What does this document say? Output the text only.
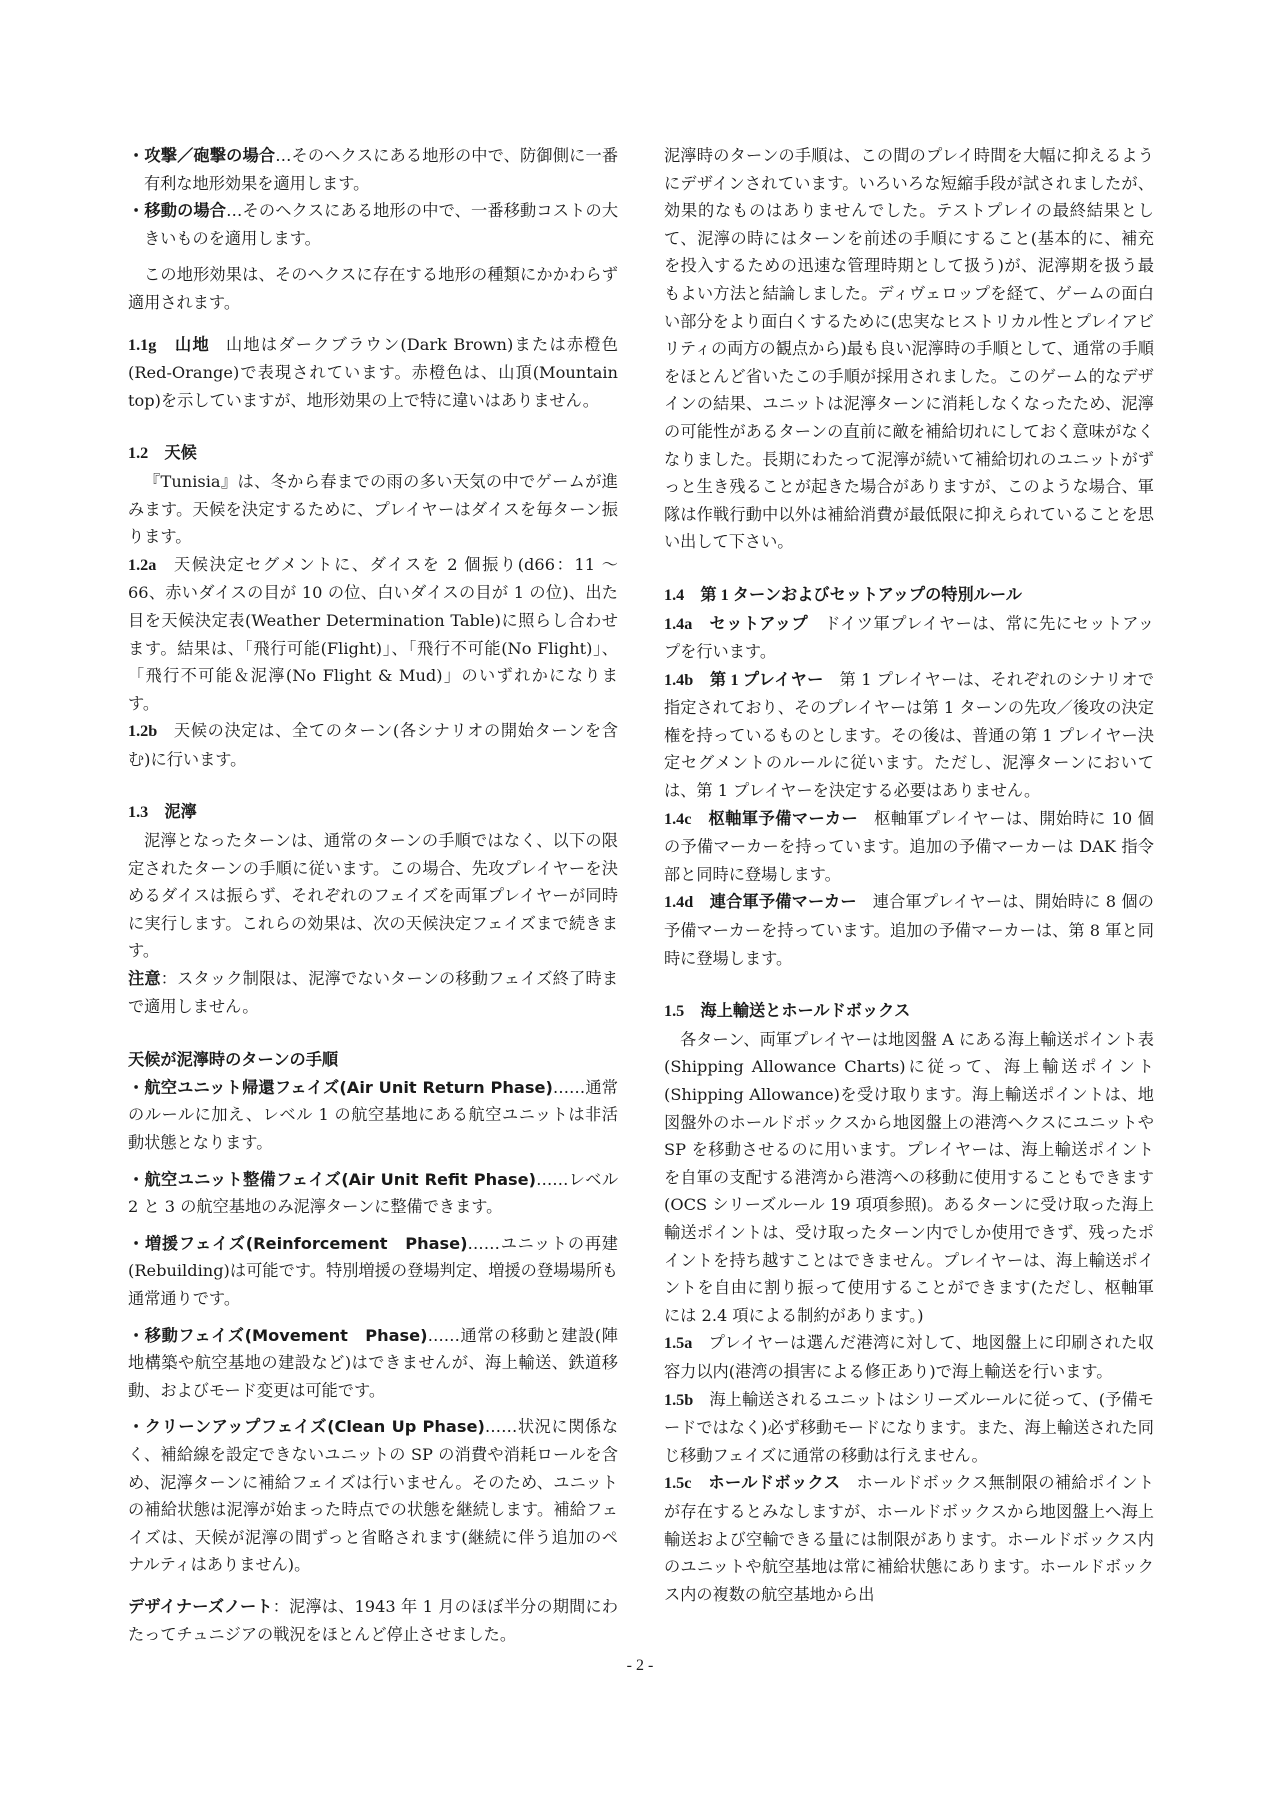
・攻撃／砲撃の場合…そのヘクスにある地形の中で、防御側に一番有利な地形効果を適用します。

・移動の場合…そのヘクスにある地形の中で、一番移動コストの大きいものを適用します。

この地形効果は、そのヘクスに存在する地形の種類にかかわらず適用されます。

1.1g　山地 山地はダークブラウン(Dark Brown)または赤橙色(Red-Orange)で表現されています。赤橙色は、山頂(Mountain top)を示していますが、地形効果の上で特に違いはありません。

1.2　天候

『Tunisia』は、冬から春までの雨の多い天気の中でゲームが進みます。天候を決定するために、プレイヤーはダイスを毎ターン振ります。

1.2a 天候決定セグメントに、ダイスを 2 個振り(d66：11 〜 66、赤いダイスの目が 10 の位、白いダイスの目が 1 の位)、出た目を天候決定表(Weather Determination Table)に照らし合わせます。結果は、「飛行可能(Flight)」、「飛行不可能(No Flight)」、「飛行不可能＆泥濘(No Flight & Mud)」のいずれかになります。

1.2b 天候の決定は、全てのターン(各シナリオの開始ターンを含む)に行います。

1.3　泥濘

泥濘となったターンは、通常のターンの手順ではなく、以下の限定されたターンの手順に従います。この場合、先攻プレイヤーを決めるダイスは振らず、それぞれのフェイズを両軍プレイヤーが同時に実行します。これらの効果は、次の天候決定フェイズまで続きます。

注意：スタック制限は、泥濘でないターンの移動フェイズ終了時まで適用しません。

天候が泥濘時のターンの手順

・航空ユニット帰還フェイズ(Air Unit Return Phase)……通常のルールに加え、レベル 1 の航空基地にある航空ユニットは非活動状態となります。

・航空ユニット整備フェイズ(Air Unit Refit Phase)……レベル 2 と 3 の航空基地のみ泥濘ターンに整備できます。

・増援フェイズ(Reinforcement　Phase)……ユニットの再建(Rebuilding)は可能です。特別増援の登場判定、増援の登場場所も通常通りです。

・移動フェイズ(Movement　Phase)……通常の移動と建設(陣地構築や航空基地の建設など)はできませんが、海上輸送、鉄道移動、およびモード変更は可能です。

・クリーンアップフェイズ(Clean Up Phase)……状況に関係なく、補給線を設定できないユニットの SP の消費や消耗ロールを含め、泥濘ターンに補給フェイズは行いません。そのため、ユニットの補給状態は泥濘が始まった時点での状態を継続します。補給フェイズは、天候が泥濘の間ずっと省略されます(継続に伴う追加のペナルティはありません)。

デザイナーズノート：泥濘は、1943 年 1 月のほぼ半分の期間にわたってチュニジアの戦況をほとんど停止させました。

泥濘時のターンの手順は、この間のプレイ時間を大幅に抑えるようにデザインされています。いろいろな短縮手段が試されましたが、効果的なものはありませんでした。テストプレイの最終結果として、泥濘の時にはターンを前述の手順にすること(基本的に、補充を投入するための迅速な管理時期として扱う)が、泥濘期を扱う最もよい方法と結論しました。ディヴェロップを経て、ゲームの面白い部分をより面白くするために(忠実なヒストリカル性とプレイアビリティの両方の観点から)最も良い泥濘時の手順として、通常の手順をほとんど省いたこの手順が採用されました。このゲーム的なデザインの結果、ユニットは泥濘ターンに消耗しなくなったため、泥濘の可能性があるターンの直前に敵を補給切れにしておく意味がなくなりました。長期にわたって泥濘が続いて補給切れのユニットがずっと生き残ることが起きた場合がありますが、このような場合、軍隊は作戦行動中以外は補給消費が最低限に抑えられていることを思い出して下さい。

1.4　第 1 ターンおよびセットアップの特別ルール

1.4a　セットアップ ドイツ軍プレイヤーは、常に先にセットアップを行います。

1.4b　第 1 プレイヤー 第 1 プレイヤーは、それぞれのシナリオで指定されており、そのプレイヤーは第 1 ターンの先攻／後攻の決定権を持っているものとします。その後は、普通の第 1 プレイヤー決定セグメントのルールに従います。ただし、泥濘ターンにおいては、第 1 プレイヤーを決定する必要はありません。

1.4c　枢軸軍予備マーカー 枢軸軍プレイヤーは、開始時に 10 個の予備マーカーを持っています。追加の予備マーカーは DAK 指令部と同時に登場します。

1.4d　連合軍予備マーカー 連合軍プレイヤーは、開始時に 8 個の予備マーカーを持っています。追加の予備マーカーは、第 8 軍と同時に登場します。

1.5　海上輸送とホールドボックス

各ターン、両軍プレイヤーは地図盤 A にある海上輸送ポイント表(Shipping Allowance Charts)に従って、海上輸送ポイント(Shipping Allowance)を受け取ります。海上輸送ポイントは、地図盤外のホールドボックスから地図盤上の港湾ヘクスにユニットや SP を移動させるのに用います。プレイヤーは、海上輸送ポイントを自軍の支配する港湾から港湾への移動に使用することもできます(OCS シリーズルール 19 項項参照)。あるターンに受け取った海上輸送ポイントは、受け取ったターン内でしか使用できず、残ったポイントを持ち越すことはできません。プレイヤーは、海上輸送ポイントを自由に割り振って使用することができます(ただし、枢軸軍には 2.4 項による制約があります。)

1.5a プレイヤーは選んだ港湾に対して、地図盤上に印刷された収容力以内(港湾の損害による修正あり)で海上輸送を行います。

1.5b 海上輸送されるユニットはシリーズルールに従って、(予備モードではなく)必ず移動モードになります。また、海上輸送された同じ移動フェイズに通常の移動は行えません。

1.5c　ホールドボックス ホールドボックス無制限の補給ポイントが存在するとみなしますが、ホールドボックスから地図盤上へ海上輸送および空輸できる量には制限があります。ホールドボックス内のユニットや航空基地は常に補給状態にあります。ホールドボックス内の複数の航空基地から出

- 2 -
